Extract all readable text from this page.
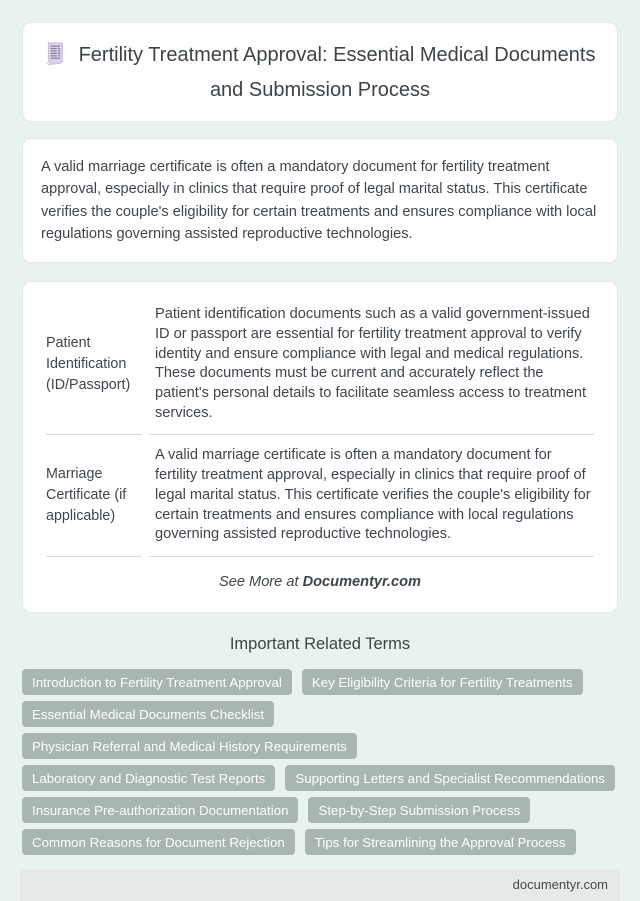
Fertility Treatment Approval: Essential Medical Documents and Submission Process

A valid marriage certificate is often a mandatory document for fertility treatment approval, especially in clinics that require proof of legal marital status. This certificate verifies the couple's eligibility for certain treatments and ensures compliance with local regulations governing assisted reproductive technologies.

Patient Identification (ID/Passport)	Patient identification documents such as a valid government-issued ID or passport are essential for fertility treatment approval to verify identity and ensure compliance with legal and medical regulations. These documents must be current and accurately reflect the patient's personal details to facilitate seamless access to treatment services.
Marriage Certificate (if applicable)	A valid marriage certificate is often a mandatory document for fertility treatment approval, especially in clinics that require proof of legal marital status. This certificate verifies the couple's eligibility for certain treatments and ensures compliance with local regulations governing assisted reproductive technologies.

See More at Documentyr.com

Important Related Terms
Introduction to Fertility Treatment Approval	Key Eligibility Criteria for Fertility Treatments
Essential Medical Documents Checklist
Physician Referral and Medical History Requirements
Laboratory and Diagnostic Test Reports	Supporting Letters and Specialist Recommendations
Insurance Pre-authorization Documentation	Step-by-Step Submission Process
Common Reasons for Document Rejection	Tips for Streamlining the Approval Process
documentyr.com
